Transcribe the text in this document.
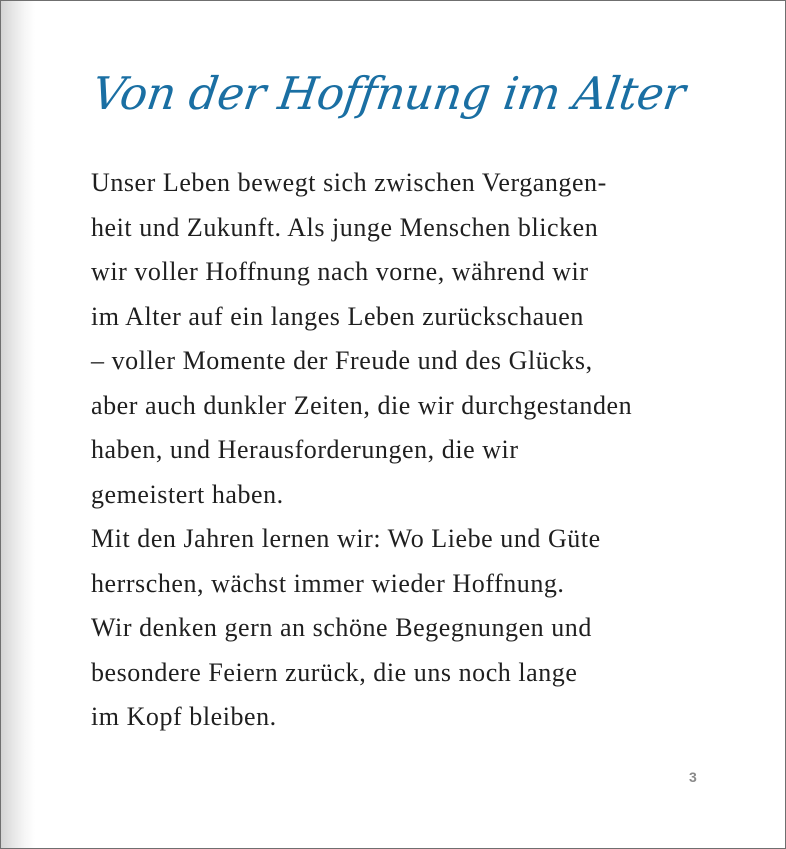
Von der Hoffnung im Alter
Unser Leben bewegt sich zwischen Vergangen-
heit und Zukunft. Als junge Menschen blicken
wir voller Hoffnung nach vorne, während wir
im Alter auf ein langes Leben zurückschauen
– voller Momente der Freude und des Glücks,
aber auch dunkler Zeiten, die wir durchgestanden
haben, und Herausforderungen, die wir
gemeistert haben.
Mit den Jahren lernen wir: Wo Liebe und Güte
herrschen, wächst immer wieder Hoffnung.
Wir denken gern an schöne Begegnungen und
besondere Feiern zurück, die uns noch lange
im Kopf bleiben.
3
